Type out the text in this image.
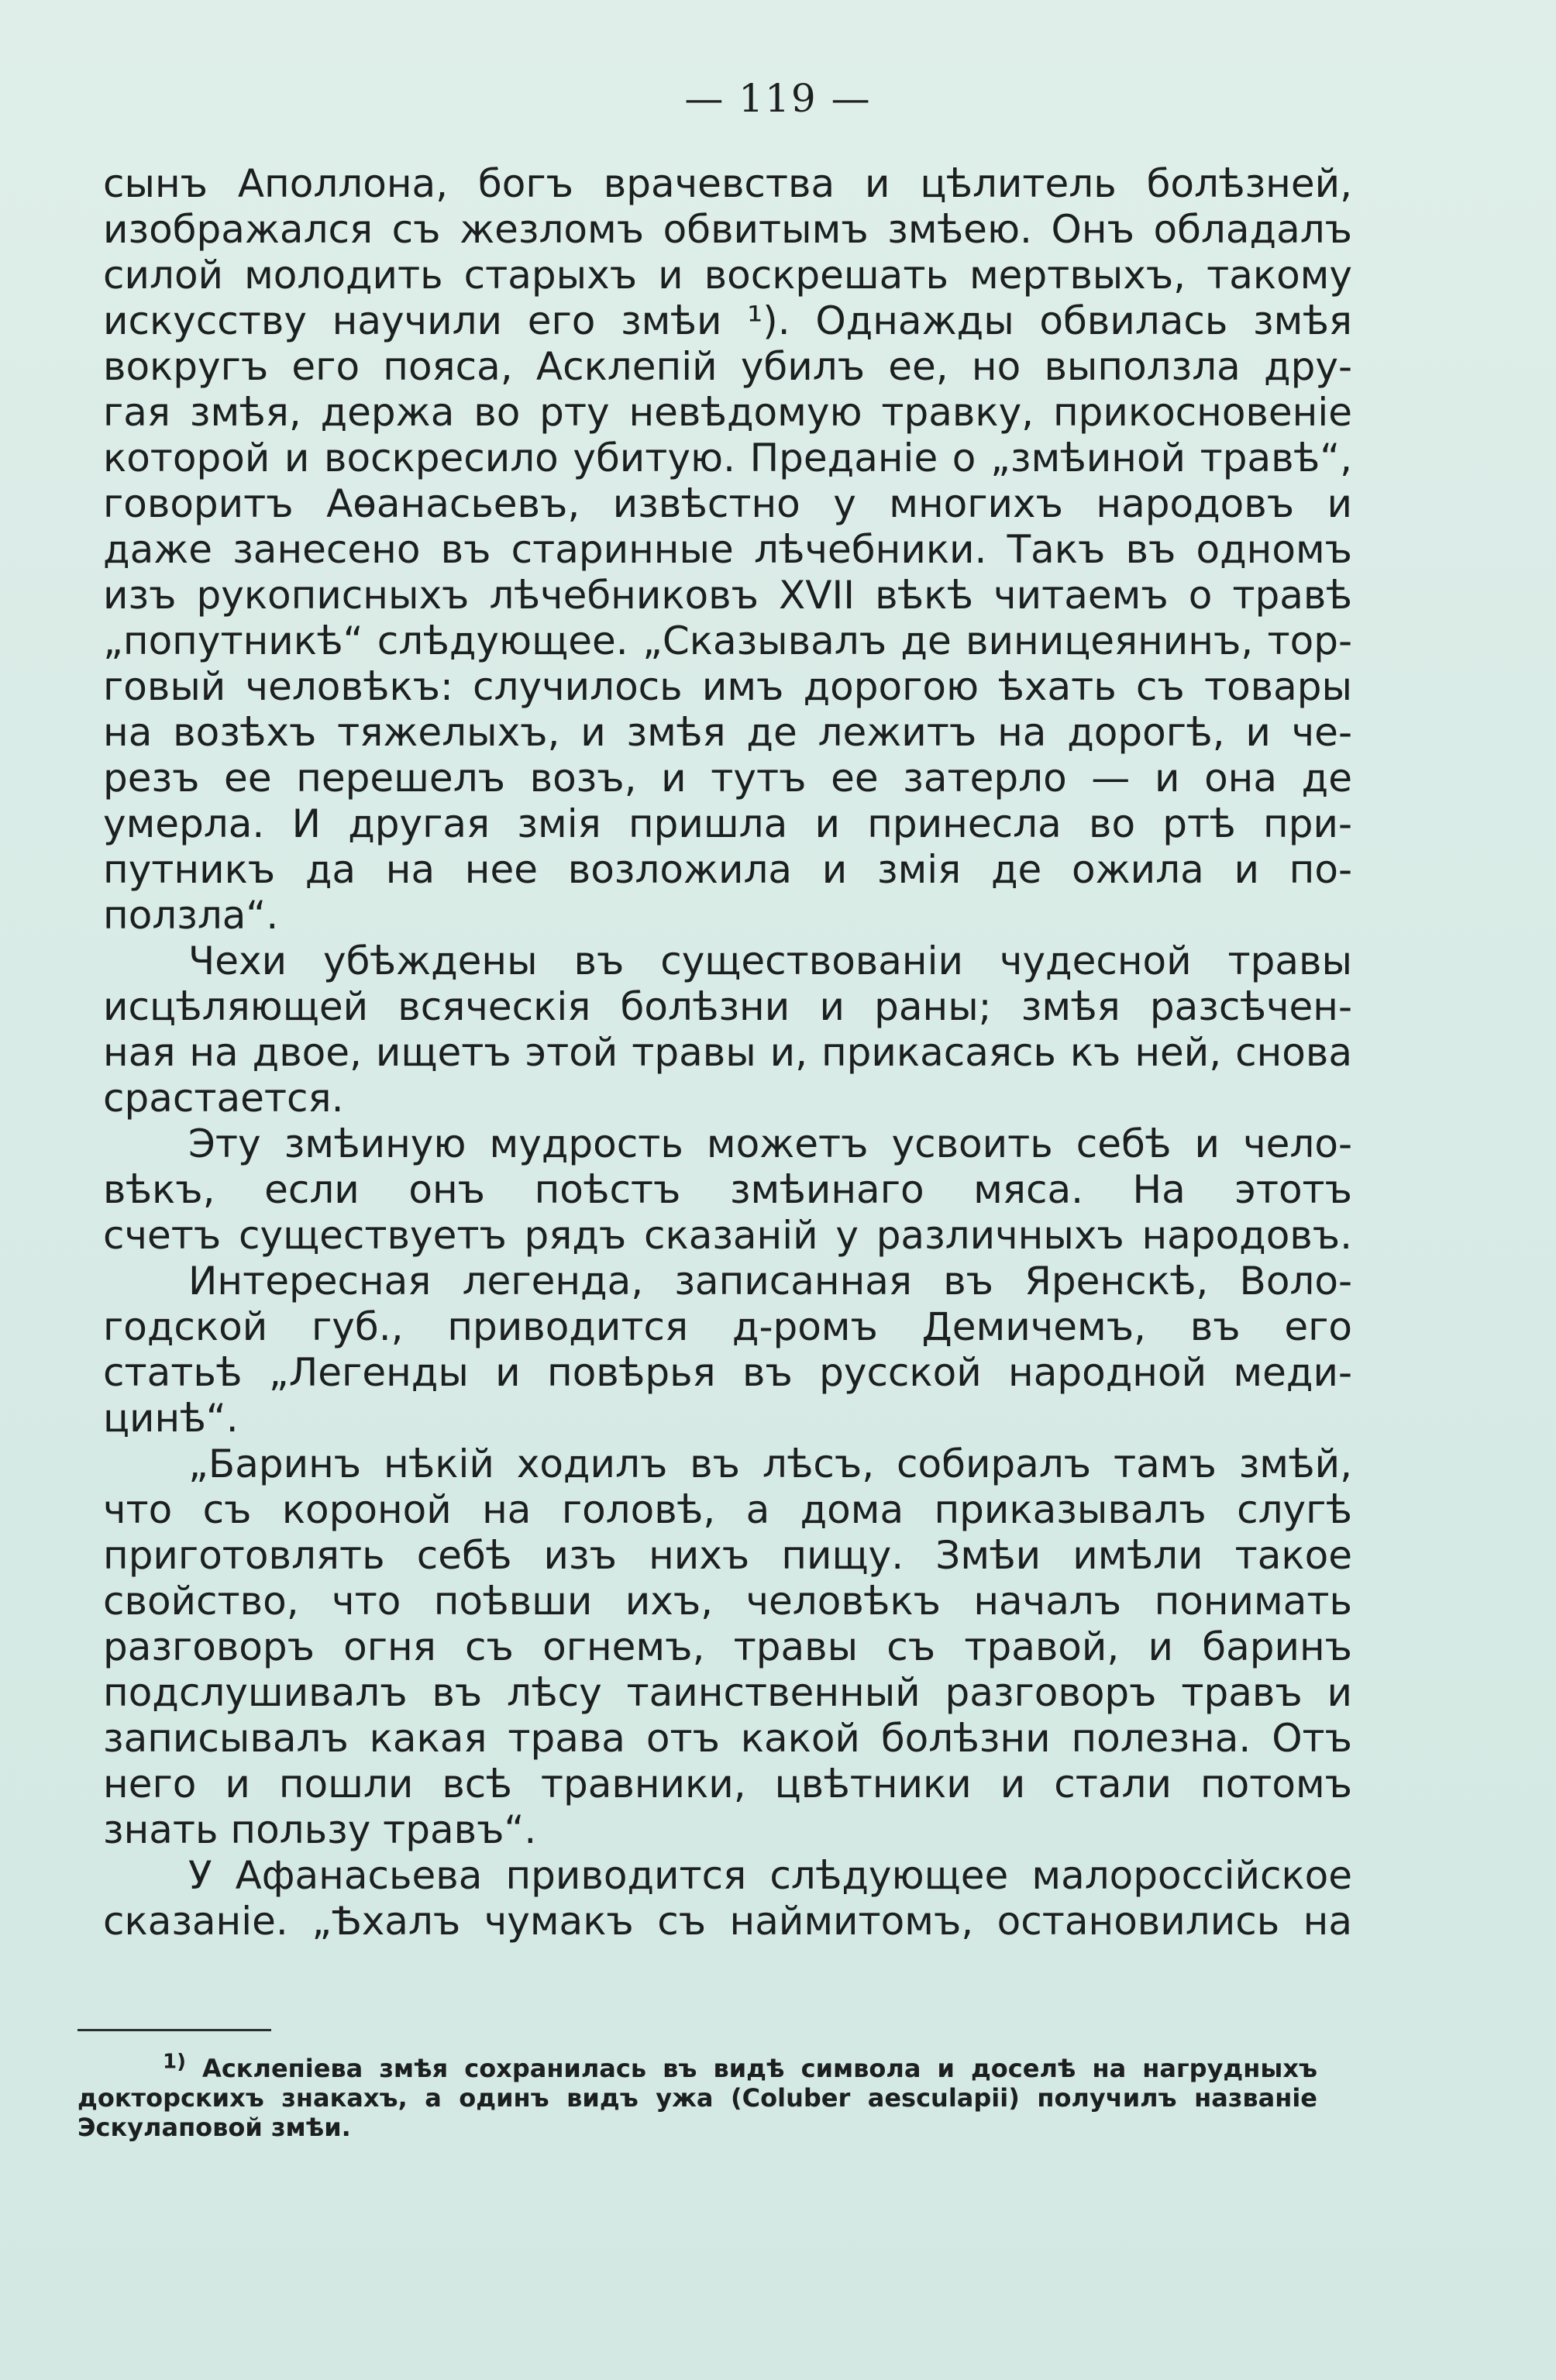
— 119 —
сынъ Аполлона, богъ врачевства и цѣлитель болѣзней,
изображался съ жезломъ обвитымъ змѣею. Онъ обладалъ
силой молодить старыхъ и воскрешать мертвыхъ, такому
искусству научили его змѣи ¹). Однажды обвилась змѣя
вокругъ его пояса, Асклепій убилъ ее, но выползла дру-
гая змѣя, держа во рту невѣдомую травку, прикосновеніе
которой и воскресило убитую. Преданіе о „змѣиной травѣ“,
говоритъ Аѳанасьевъ, извѣстно у многихъ народовъ и
даже занесено въ старинные лѣчебники. Такъ въ одномъ
изъ рукописныхъ лѣчебниковъ XVII вѣкѣ читаемъ о травѣ
„попутникѣ“ слѣдующее. „Сказывалъ де виницеянинъ, тор-
говый человѣкъ: случилось имъ дорогою ѣхать съ товары
на возѣхъ тяжелыхъ, и змѣя де лежитъ на дорогѣ, и че-
резъ ее перешелъ возъ, и тутъ ее затерло — и она де
умерла. И другая змія пришла и принесла во ртѣ при-
путникъ да на нее возложила и змія де ожила и по-
ползла“.
Чехи убѣждены въ существованіи чудесной травы
исцѣляющей всяческія болѣзни и раны; змѣя разсѣчен-
ная на двое, ищетъ этой травы и, прикасаясь къ ней, снова
срастается.
Эту змѣиную мудрость можетъ усвоить себѣ и чело-
вѣкъ, если онъ поѣстъ змѣинаго мяса. На этотъ
счетъ существуетъ рядъ сказаній у различныхъ народовъ.
Интересная легенда, записанная въ Яренскѣ, Воло-
годской губ., приводится д-ромъ Демичемъ, въ его
статьѣ „Легенды и повѣрья въ русской народной меди-
цинѣ“.
„Баринъ нѣкій ходилъ въ лѣсъ, собиралъ тамъ змѣй,
что съ короной на головѣ, а дома приказывалъ слугѣ
приготовлять себѣ изъ нихъ пищу. Змѣи имѣли такое
свойство, что поѣвши ихъ, человѣкъ началъ понимать
разговоръ огня съ огнемъ, травы съ травой, и баринъ
подслушивалъ въ лѣсу таинственный разговоръ травъ и
записывалъ какая трава отъ какой болѣзни полезна. Отъ
него и пошли всѣ травники, цвѣтники и стали потомъ
знать пользу травъ“.
У Афанасьева приводится слѣдующее малороссійское
сказаніе. „Ѣхалъ чумакъ съ наймитомъ, остановились на
$^{1)}$ Асклепіева змѣя сохранилась въ видѣ символа и доселѣ на нагрудныхъ
докторскихъ знакахъ, а одинъ видъ ужа (Coluber aesculapii) получилъ названіе
Эскулаповой змѣи.
